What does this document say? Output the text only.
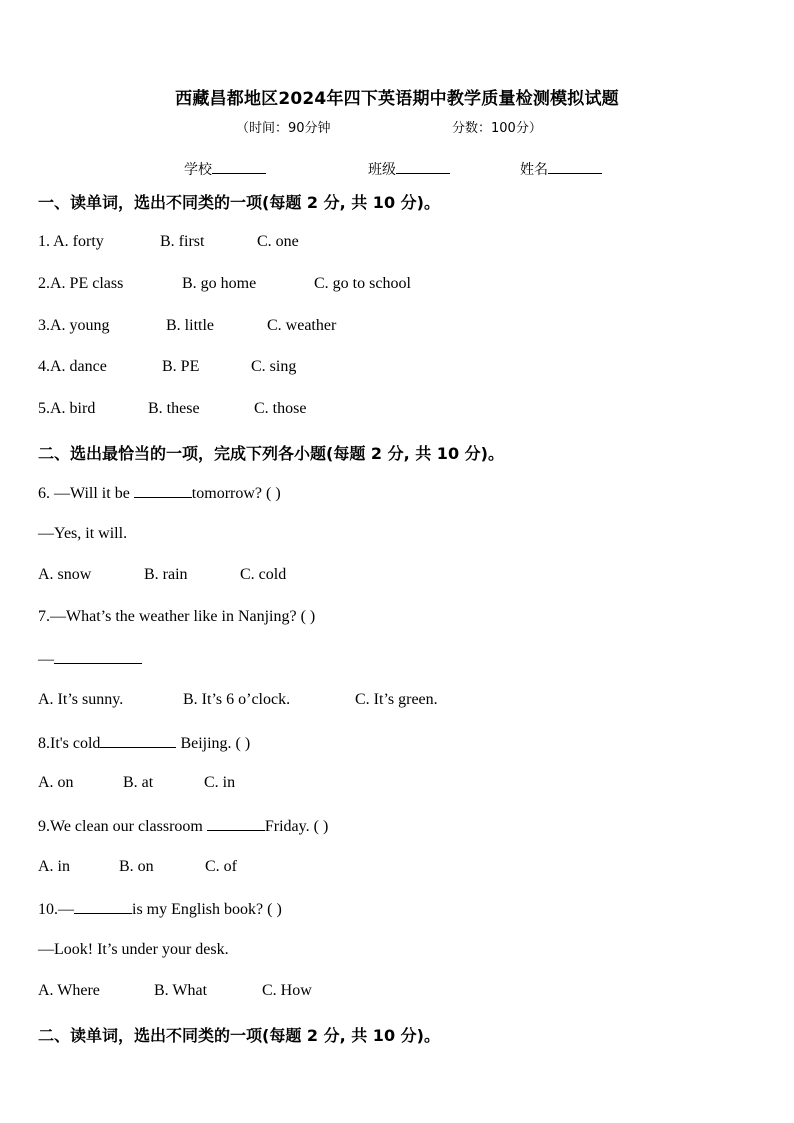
西藏昌都地区2024年四下英语期中教学质量检测模拟试题
（时间：90分钟	分数：100分）
学校	班级	姓名
一、读单词，选出不同类的一项(每题 2 分, 共 10 分)。
1. A. forty	B. first	C. one
2.A. PE class	B. go home	C. go to school
3.A. young	B. little	C. weather
4.A. dance	B. PE	C. sing
5.A. bird	B. these	C. those
二、选出最恰当的一项，完成下列各小题(每题 2 分, 共 10 分)。
6. —Will it be	tomorrow? ( )
—Yes, it will.
A. snow	B. rain	C. cold
7.—What’s the weather like in Nanjing? ( )
—
A. It’s sunny.	B. It’s 6 o’clock.	C. It’s green.
8.It's cold	Beijing. ( )
A. on	B. at	C. in
9.We clean our classroom	Friday. ( )
A. in	B. on	C. of
10.—	is my English book? ( )
—Look! It’s under your desk.
A. Where	B. What	C. How
二、读单词，选出不同类的一项(每题 2 分, 共 10 分)。
